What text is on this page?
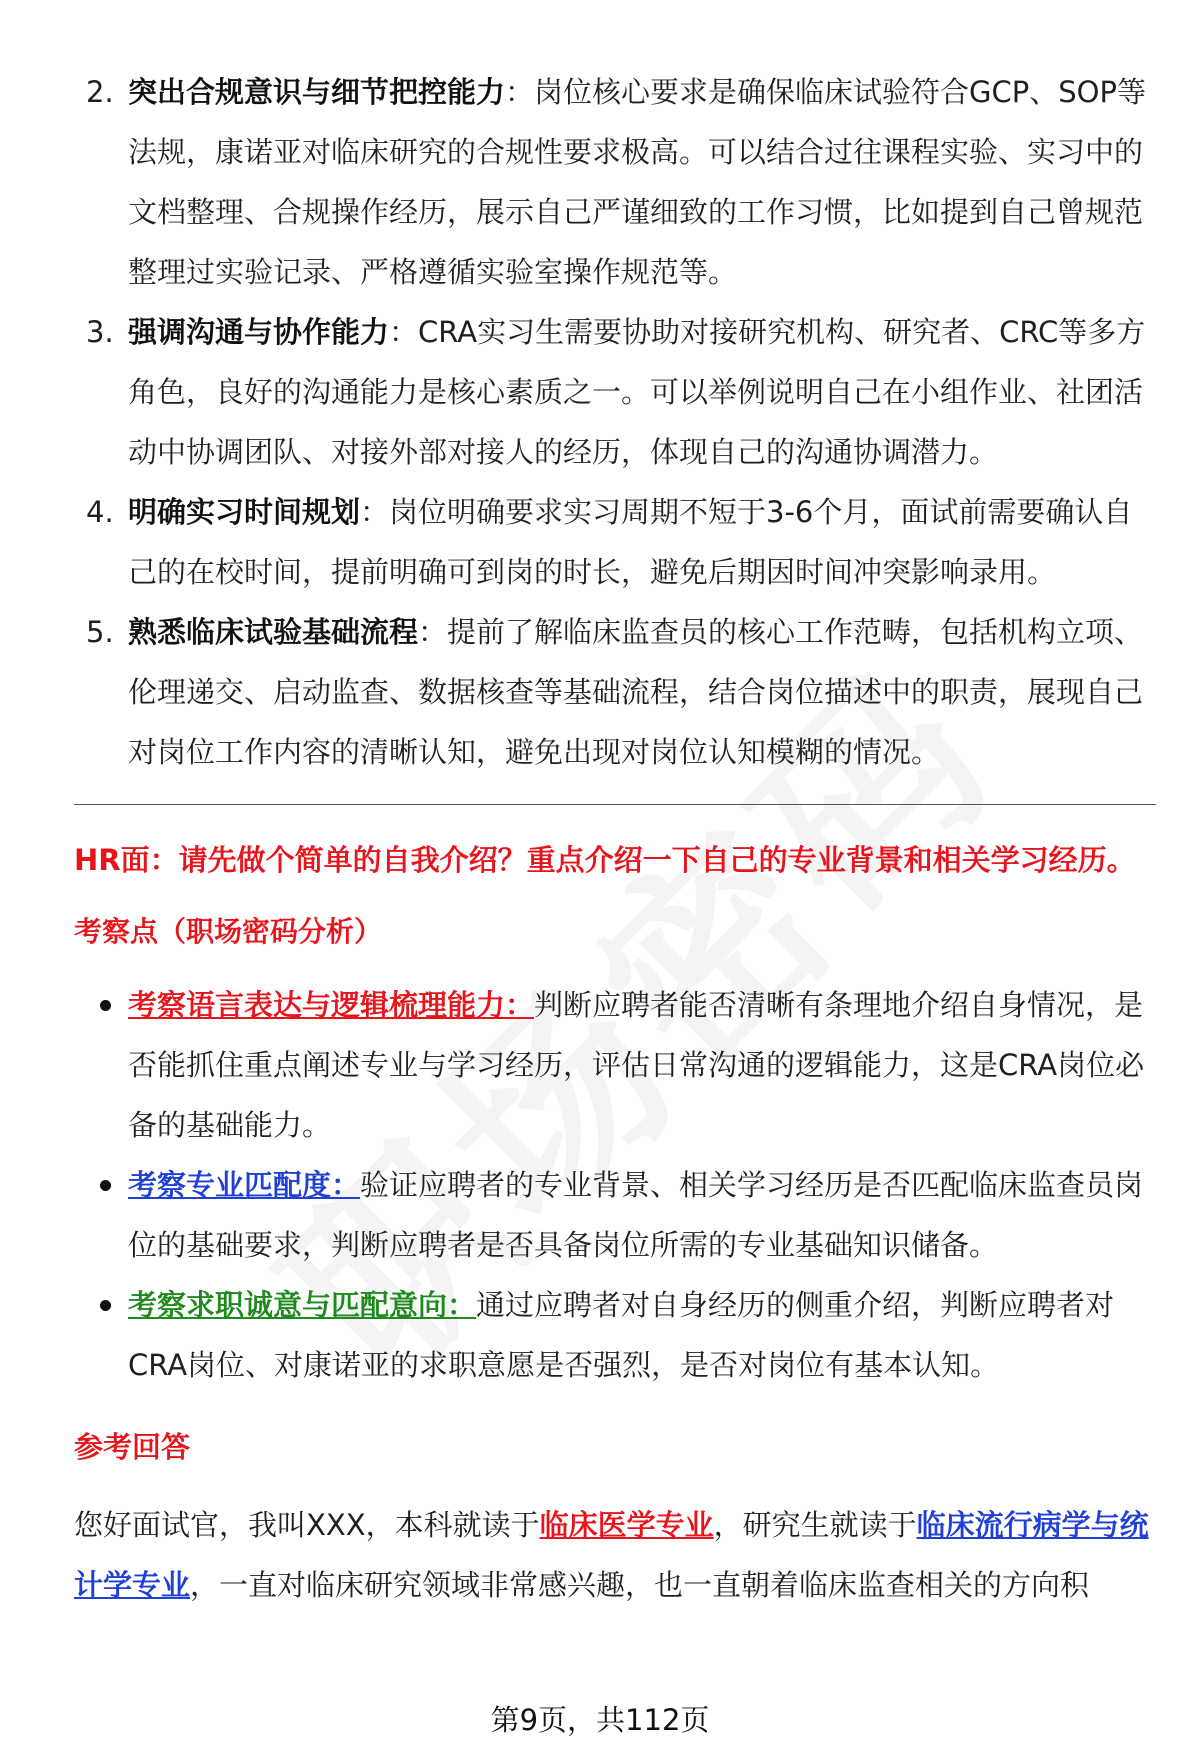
2. 突出合规意识与细节把控能力：岗位核心要求是确保临床试验符合GCP、SOP等法规，康诺亚对临床研究的合规性要求极高。可以结合过往课程实验、实习中的文档整理、合规操作经历，展示自己严谨细致的工作习惯，比如提到自己曾规范整理过实验记录、严格遵循实验室操作规范等。
3. 强调沟通与协作能力：CRA实习生需要协助对接研究机构、研究者、CRC等多方角色，良好的沟通能力是核心素质之一。可以举例说明自己在小组作业、社团活动中协调团队、对接外部对接人的经历，体现自己的沟通协调潜力。
4. 明确实习时间规划：岗位明确要求实习周期不短于3-6个月，面试前需要确认自己的在校时间，提前明确可到岗的时长，避免后期因时间冲突影响录用。
5. 熟悉临床试验基础流程：提前了解临床监查员的核心工作范畴，包括机构立项、伦理递交、启动监查、数据核查等基础流程，结合岗位描述中的职责，展现自己对岗位工作内容的清晰认知，避免出现对岗位认知模糊的情况。
HR面：请先做个简单的自我介绍？重点介绍一下自己的专业背景和相关学习经历。
考察点（职场密码分析）
考察语言表达与逻辑梳理能力：判断应聘者能否清晰有条理地介绍自身情况，是否能抓住重点阐述专业与学习经历，评估日常沟通的逻辑能力，这是CRA岗位必备的基础能力。
考察专业匹配度：验证应聘者的专业背景、相关学习经历是否匹配临床监查员岗位的基础要求，判断应聘者是否具备岗位所需的专业基础知识储备。
考察求职诚意与匹配意向：通过应聘者对自身经历的侧重介绍，判断应聘者对CRA岗位、对康诺亚的求职意愿是否强烈，是否对岗位有基本认知。
参考回答
您好面试官，我叫XXX，本科就读于临床医学专业，研究生就读于临床流行病学与统计学专业，一直对临床研究领域非常感兴趣，也一直朝着临床监查相关的方向积
第9页，共112页
